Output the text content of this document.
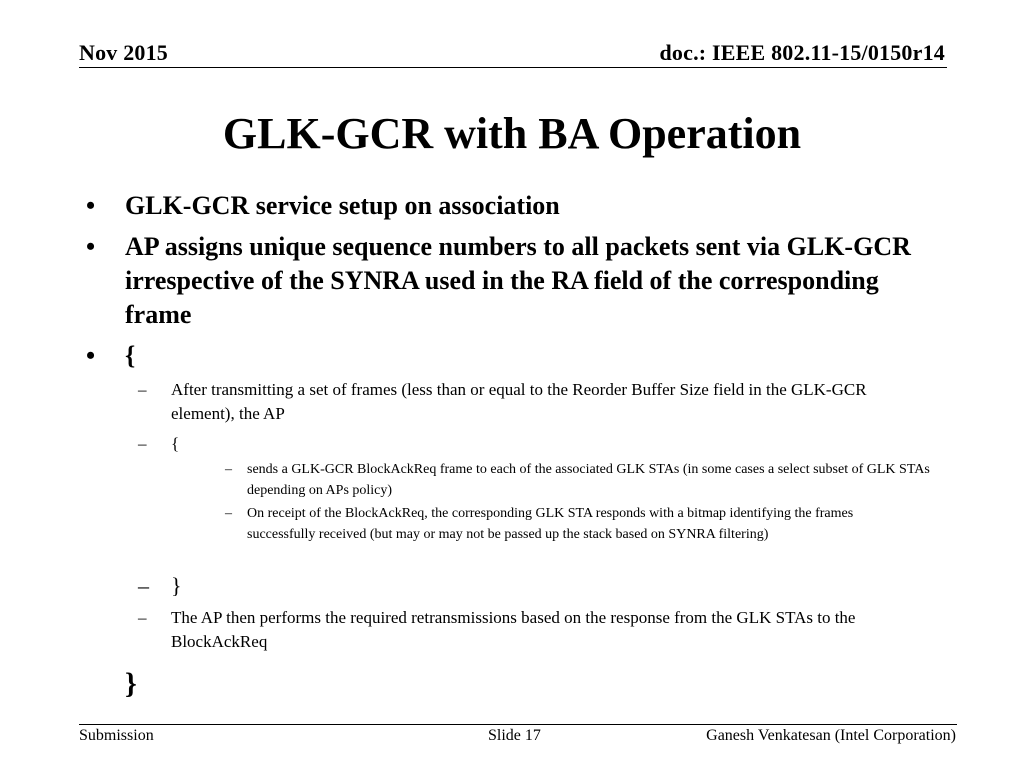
Nov 2015	doc.: IEEE 802.11-15/0150r14
GLK-GCR with BA Operation
• GLK-GCR service setup on association
• AP assigns unique sequence numbers to all packets sent via GLK-GCR irrespective of the SYNRA used in the RA field of the corresponding frame
• {
– After transmitting a set of frames (less than or equal to the Reorder Buffer Size field in the GLK-GCR element), the AP
– {
– sends a GLK-GCR BlockAckReq frame to each of the associated GLK STAs (in some cases a select subset of GLK STAs depending on APs policy)
– On receipt of the BlockAckReq, the corresponding GLK STA responds with a bitmap identifying the frames successfully received (but may or may not be passed up the stack based on SYNRA filtering)
– }
– The AP then performs the required retransmissions based on the response from the GLK STAs to the BlockAckReq
}
Submission	Slide 17	Ganesh Venkatesan (Intel Corporation)
